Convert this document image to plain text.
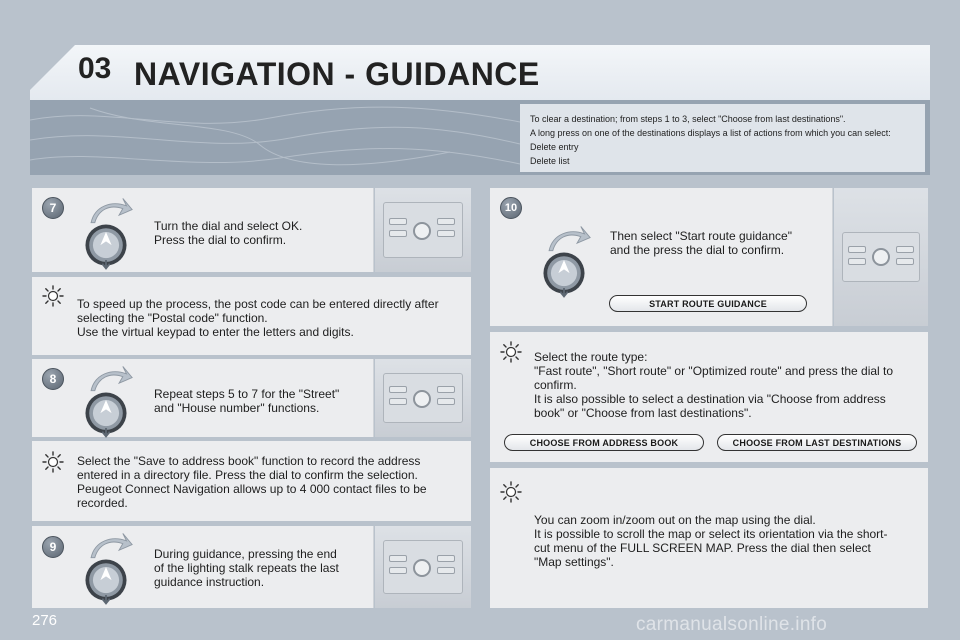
03 NAVIGATION - GUIDANCE
To clear a destination; from steps 1 to 3, select "Choose from last destinations".
A long press on one of the destinations displays a list of actions from which you can select:
Delete entry
Delete list
7
Turn the dial and select OK.
Press the dial to confirm.
To speed up the process, the post code can be entered directly after
selecting the "Postal code" function.
Use the virtual keypad to enter the letters and digits.
8
Repeat steps 5 to 7 for the "Street"
and "House number" functions.
Select the "Save to address book" function to record the address
entered in a directory file. Press the dial to confirm the selection.
Peugeot Connect Navigation allows up to 4 000 contact files to be
recorded.
9	During guidance, pressing the end
of the lighting stalk repeats the last
guidance instruction.
10
Then select "Start route guidance"
and the press the dial to confirm.
START ROUTE GUIDANCE
Select the route type:
"Fast route", "Short route" or "Optimized route" and press the dial to
confirm.
It is also possible to select a destination via "Choose from address
book" or "Choose from last destinations".
CHOOSE FROM ADDRESS BOOK	CHOOSE FROM LAST DESTINATIONS
You can zoom in/zoom out on the map using the dial.
It is possible to scroll the map or select its orientation via the short-
cut menu of the FULL SCREEN MAP. Press the dial then select
"Map settings".
276	carmanualsonline.info
